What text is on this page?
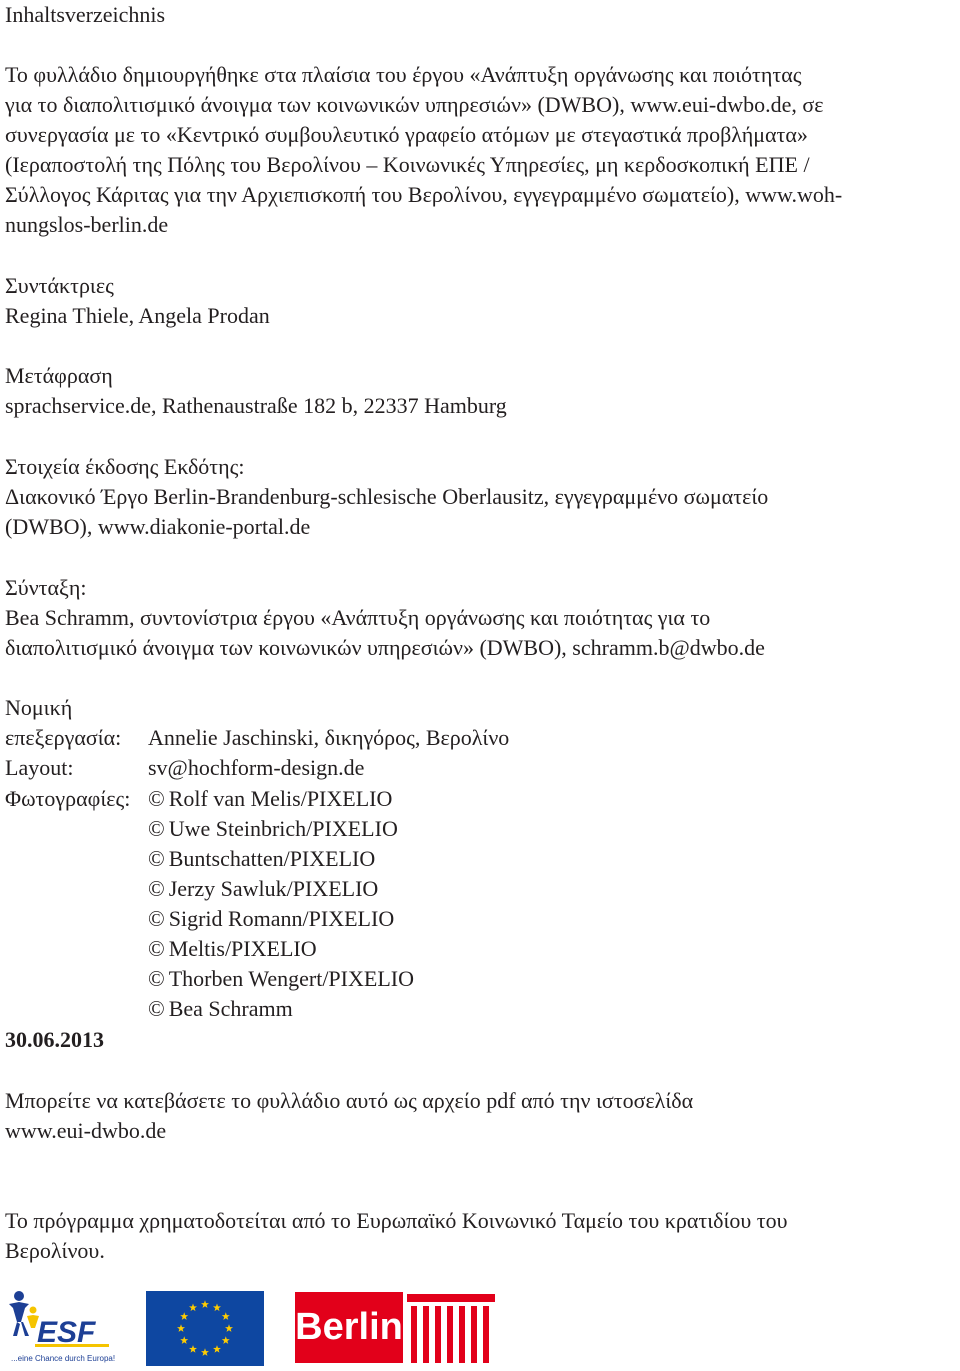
Inhaltsverzeichnis
Το φυλλάδιο δημιουργήθηκε στα πλαίσια του έργου «Ανάπτυξη οργάνωσης και ποιότητας
για το διαπολιτισμικό άνοιγμα των κοινωνικών υπηρεσιών» (DWBO), www.eui-dwbo.de, σε
συνεργασία με το «Κεντρικό συμβουλευτικό γραφείο ατόμων με στεγαστικά προβλήματα»
(Ιεραποστολή της Πόλης του Βερολίνου – Κοινωνικές Υπηρεσίες, μη κερδοσκοπική ΕΠΕ /
Σύλλογος Κάριτας για την Αρχιεπισκοπή του Βερολίνου, εγγεγραμμένο σωματείο), www.woh-
nungslos-berlin.de
Συντάκτριες
Regina Thiele, Angela Prodan
Μετάφραση
sprachservice.de, Rathenaustraße 182 b, 22337 Hamburg
Στοιχεία έκδοσης Εκδότης:
Διακονικό Έργο Berlin-Brandenburg-schlesische Oberlausitz, εγγεγραμμένο σωματείο
(DWBO), www.diakonie-portal.de
Σύνταξη:
Bea Schramm, συντονίστρια έργου «Ανάπτυξη οργάνωσης και ποιότητας για το
διαπολιτισμικό άνοιγμα των κοινωνικών υπηρεσιών» (DWBO), schramm.b@dwbo.de
Νομική
επεξεργασία: Annelie Jaschinski, δικηγόρος, Βερολίνο
Layout:	sv@hochform-design.de
Φωτογραφίες: © Rolf van Melis/PIXELIO
© Uwe Steinbrich/PIXELIO
© Buntschatten/PIXELIO
© Jerzy Sawluk/PIXELIO
© Sigrid Romann/PIXELIO
© Meltis/PIXELIO
© Thorben Wengert/PIXELIO
© Bea Schramm
30.06.2013
Μπορείτε να κατεβάσετε το φυλλάδιο αυτό ως αρχείο pdf από την ιστοσελίδα
www.eui-dwbo.de
Το πρόγραμμα χρηματοδοτείται από το Ευρωπαϊκό Κοινωνικό Ταμείο του κρατιδίου του
Βερολίνου.
ESF
...eine Chance durch Europa!
Berlin
